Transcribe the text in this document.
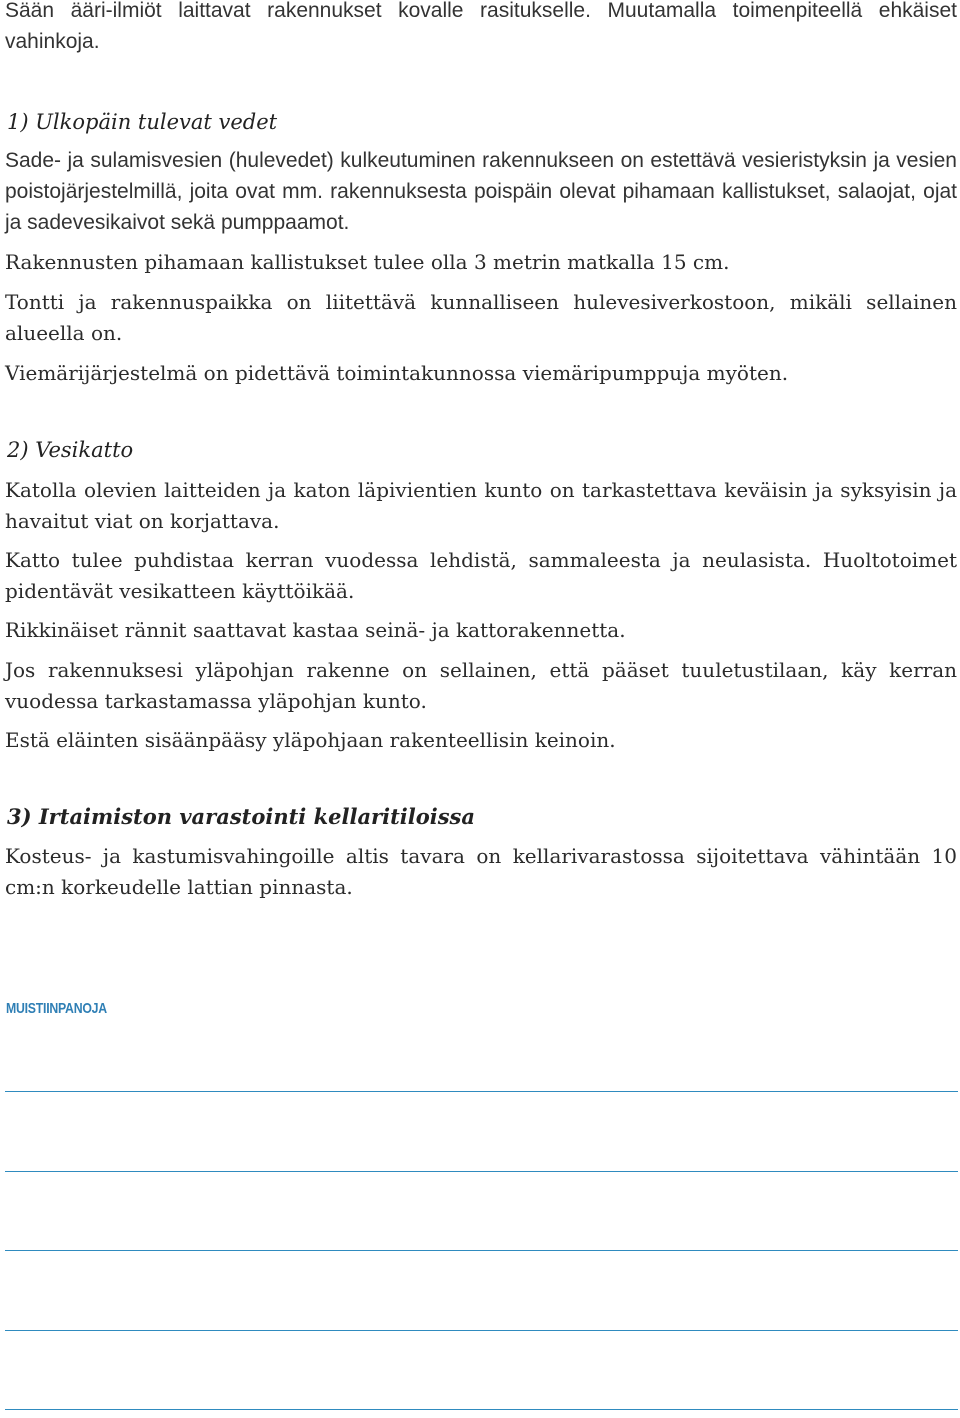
Sään ääri-ilmiöt laittavat rakennukset kovalle rasitukselle. Muutamalla toimenpiteellä ehkäiset vahinkoja.

1) Ulkopäin tulevat vedet

Sade- ja sulamisvesien (hulevedet) kulkeutuminen rakennukseen on estettävä vesieristyksin ja vesien poistojärjestelmillä, joita ovat mm. rakennuksesta poispäin olevat pihamaan kallistukset, salaojat, ojat ja sadevesikaivot sekä pumppaamot.

Rakennusten pihamaan kallistukset tulee olla 3 metrin matkalla 15 cm.

Tontti ja rakennuspaikka on liitettävä kunnalliseen hulevesiverkostoon, mikäli sellainen alueella on.

Viemärijärjestelmä on pidettävä toimintakunnossa viemäripumppuja myöten.

2) Vesikatto

Katolla olevien laitteiden ja katon läpivientien kunto on tarkastettava keväisin ja syksyisin ja havaitut viat on korjattava.

Katto tulee puhdistaa kerran vuodessa lehdistä, sammaleesta ja neulasista. Huoltotoimet pidentävät vesikatteen käyttöikää.

Rikkinäiset rännit saattavat kastaa seinä- ja kattorakennetta.

Jos rakennuksesi yläpohjan rakenne on sellainen, että pääset tuuletustilaan, käy kerran vuodessa tarkastamassa yläpohjan kunto.

Estä eläinten sisäänpääsy yläpohjaan rakenteellisin keinoin.

3) Irtaimiston varastointi kellaritiloissa

Kosteus- ja kastumisvahingoille altis tavara on kellarivarastossa sijoitettava vähintään 10 cm:n korkeudelle lattian pinnasta.

MUISTIINPANOJA
